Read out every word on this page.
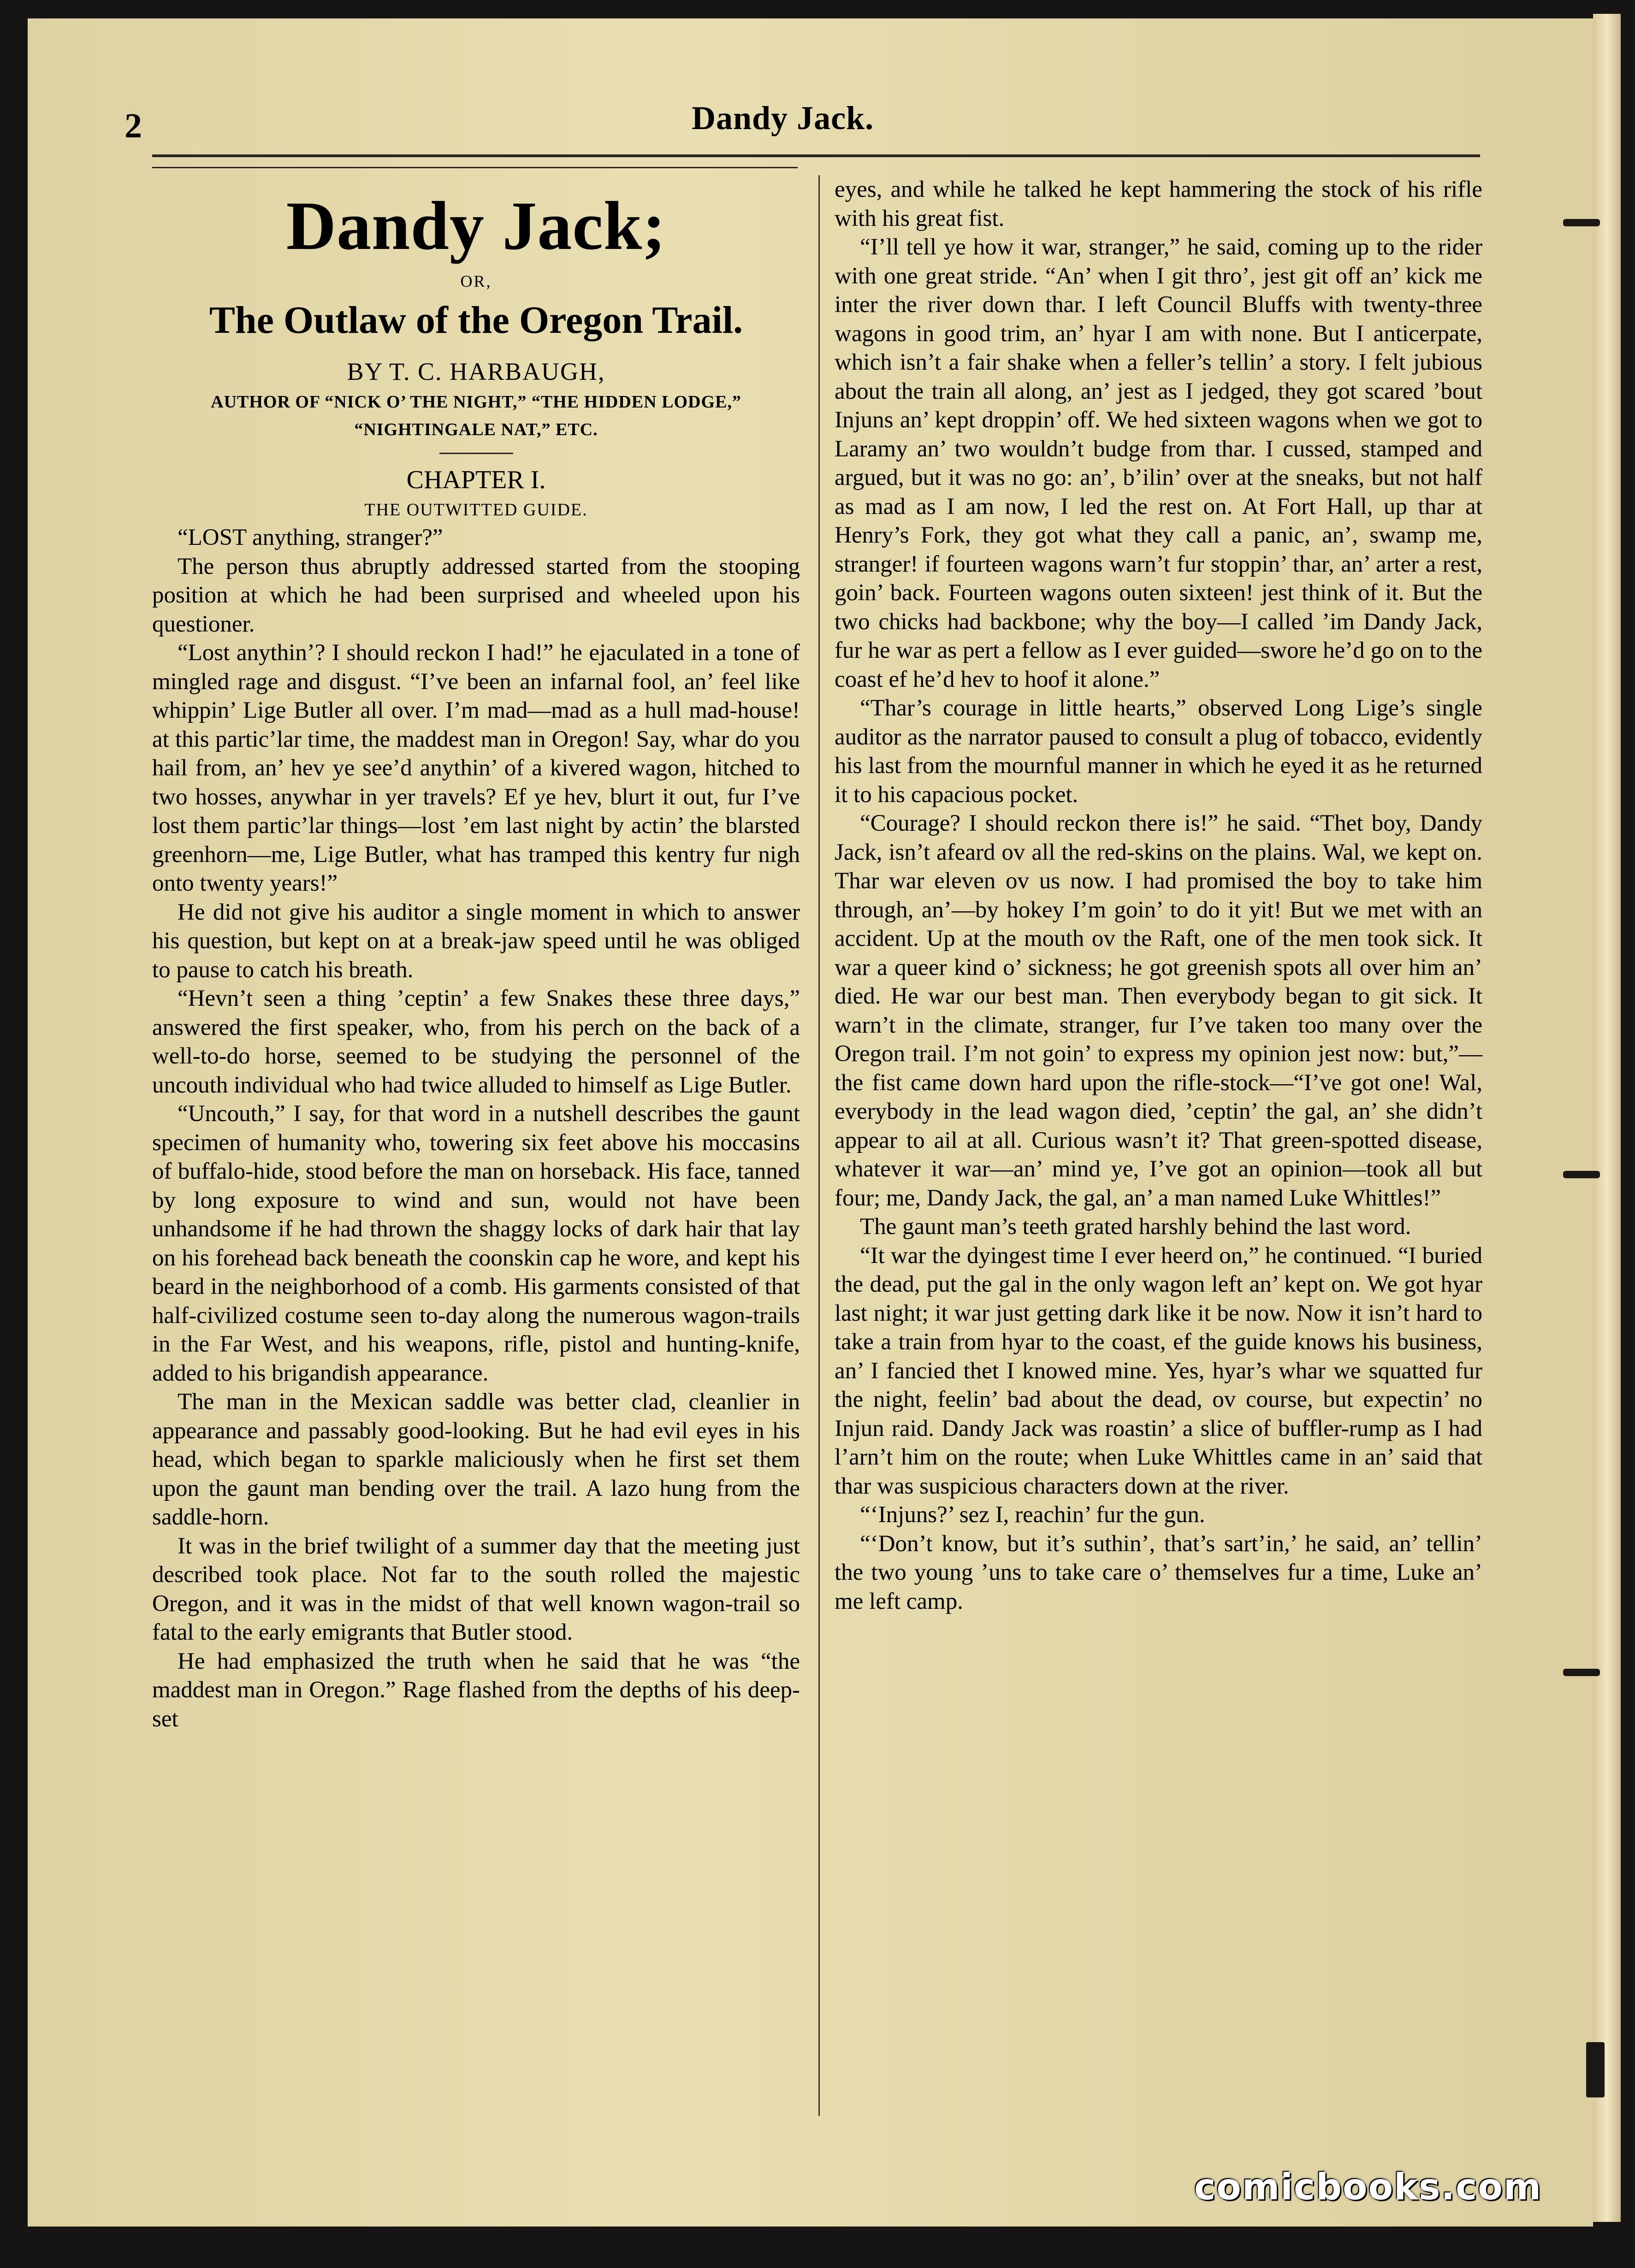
2	Dandy Jack.
Dandy Jack;
OR,
The Outlaw of the Oregon Trail.
BY T. C. HARBAUGH,
AUTHOR OF “NICK O’ THE NIGHT,” “THE HIDDEN LODGE,” “NIGHTINGALE NAT,” ETC.
CHAPTER I.
THE OUTWITTED GUIDE.

“LOST anything, stranger?”

The person thus abruptly addressed started from the stooping position at which he had been surprised and wheeled upon his questioner.

“Lost anythin’? I should reckon I had!” he ejaculated in a tone of mingled rage and disgust. “I’ve been an infarnal fool, an’ feel like whippin’ Lige Butler all over. I’m mad—mad as a hull mad-house! at this partic’lar time, the maddest man in Oregon! Say, whar do you hail from, an’ hev ye see’d anythin’ of a kivered wagon, hitched to two hosses, anywhar in yer travels? Ef ye hev, blurt it out, fur I’ve lost them partic’lar things—lost ’em last night by actin’ the blarsted greenhorn—me, Lige Butler, what has tramped this kentry fur nigh onto twenty years!”

He did not give his auditor a single moment in which to answer his question, but kept on at a break-jaw speed until he was obliged to pause to catch his breath.

“Hevn’t seen a thing ’ceptin’ a few Snakes these three days,” answered the first speaker, who, from his perch on the back of a well-to-do horse, seemed to be studying the personnel of the uncouth individual who had twice alluded to himself as Lige Butler.

“Uncouth,” I say, for that word in a nutshell describes the gaunt specimen of humanity who, towering six feet above his moccasins of buffalo-hide, stood before the man on horseback. His face, tanned by long exposure to wind and sun, would not have been unhandsome if he had thrown the shaggy locks of dark hair that lay on his forehead back beneath the coonskin cap he wore, and kept his beard in the neighborhood of a comb. His garments consisted of that half-civilized costume seen to-day along the numerous wagon-trails in the Far West, and his weapons, rifle, pistol and hunting-knife, added to his brigandish appearance.

The man in the Mexican saddle was better clad, cleanlier in appearance and passably good-looking. But he had evil eyes in his head, which began to sparkle maliciously when he first set them upon the gaunt man bending over the trail. A lazo hung from the saddle-horn.

It was in the brief twilight of a summer day that the meeting just described took place. Not far to the south rolled the majestic Oregon, and it was in the midst of that well known wagon-trail so fatal to the early emigrants that Butler stood.

He had emphasized the truth when he said that he was “the maddest man in Oregon.” Rage flashed from the depths of his deep-set

eyes, and while he talked he kept hammering the stock of his rifle with his great fist.

“I’ll tell ye how it war, stranger,” he said, coming up to the rider with one great stride. “An’ when I git thro’, jest git off an’ kick me inter the river down thar. I left Council Bluffs with twenty-three wagons in good trim, an’ hyar I am with none. But I anticerpate, which isn’t a fair shake when a feller’s tellin’ a story. I felt jubious about the train all along, an’ jest as I jedged, they got scared ’bout Injuns an’ kept droppin’ off. We hed sixteen wagons when we got to Laramy an’ two wouldn’t budge from thar. I cussed, stamped and argued, but it was no go: an’, b’ilin’ over at the sneaks, but not half as mad as I am now, I led the rest on. At Fort Hall, up thar at Henry’s Fork, they got what they call a panic, an’, swamp me, stranger! if fourteen wagons warn’t fur stoppin’ thar, an’ arter a rest, goin’ back. Fourteen wagons outen sixteen! jest think of it. But the two chicks had backbone; why the boy—I called ’im Dandy Jack, fur he war as pert a fellow as I ever guided—swore he’d go on to the coast ef he’d hev to hoof it alone.”

“Thar’s courage in little hearts,” observed Long Lige’s single auditor as the narrator paused to consult a plug of tobacco, evidently his last from the mournful manner in which he eyed it as he returned it to his capacious pocket.

“Courage? I should reckon there is!” he said. “Thet boy, Dandy Jack, isn’t afeard ov all the red-skins on the plains. Wal, we kept on. Thar war eleven ov us now. I had promised the boy to take him through, an’—by hokey I’m goin’ to do it yit! But we met with an accident. Up at the mouth ov the Raft, one of the men took sick. It war a queer kind o’ sickness; he got greenish spots all over him an’ died. He war our best man. Then everybody began to git sick. It warn’t in the climate, stranger, fur I’ve taken too many over the Oregon trail. I’m not goin’ to express my opinion jest now: but,”—the fist came down hard upon the rifle-stock—“I’ve got one! Wal, everybody in the lead wagon died, ’ceptin’ the gal, an’ she didn’t appear to ail at all. Curious wasn’t it? That green-spotted disease, whatever it war—an’ mind ye, I’ve got an opinion—took all but four; me, Dandy Jack, the gal, an’ a man named Luke Whittles!”

The gaunt man’s teeth grated harshly behind the last word.

“It war the dyingest time I ever heerd on,” he continued. “I buried the dead, put the gal in the only wagon left an’ kept on. We got hyar last night; it war just getting dark like it be now. Now it isn’t hard to take a train from hyar to the coast, ef the guide knows his business, an’ I fancied thet I knowed mine. Yes, hyar’s whar we squatted fur the night, feelin’ bad about the dead, ov course, but expectin’ no Injun raid. Dandy Jack was roastin’ a slice of buffler-rump as I had l’arn’t him on the route; when Luke Whittles came in an’ said that thar was suspicious characters down at the river.

“‘Injuns?’ sez I, reachin’ fur the gun.

“‘Don’t know, but it’s suthin’, that’s sart’in,’ he said, an’ tellin’ the two young ’uns to take care o’ themselves fur a time, Luke an’ me left camp.

comicbooks.com
